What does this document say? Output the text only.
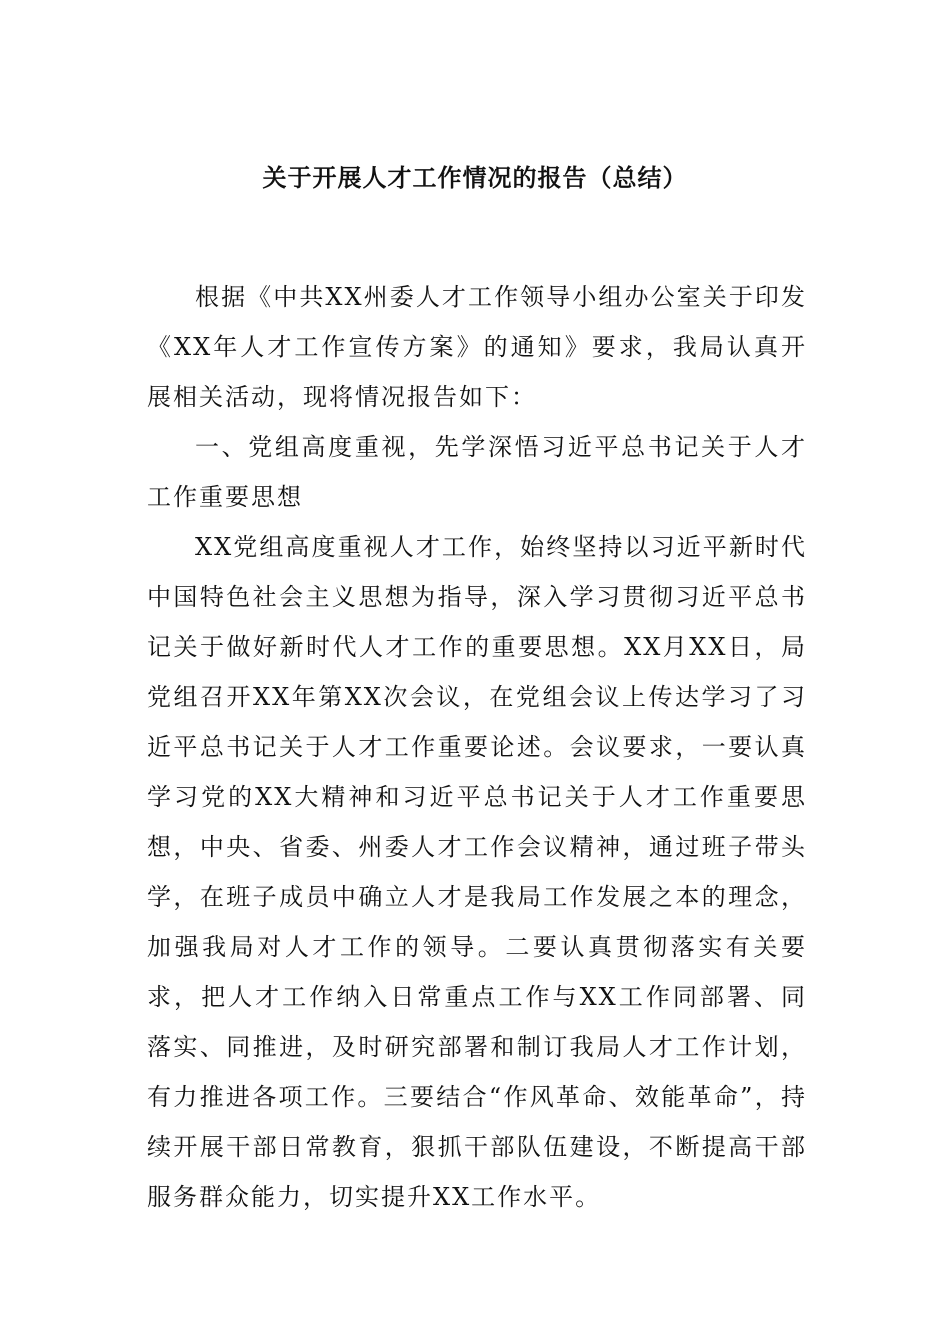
关于开展人才工作情况的报告（总结）

根据《中共XX州委人才工作领导小组办公室关于印发《XX年人才工作宣传方案》的通知》要求，我局认真开展相关活动，现将情况报告如下：

一、党组高度重视，先学深悟习近平总书记关于人才工作重要思想

XX党组高度重视人才工作，始终坚持以习近平新时代中国特色社会主义思想为指导，深入学习贯彻习近平总书记关于做好新时代人才工作的重要思想。XX月XX日，局党组召开XX年第XX次会议，在党组会议上传达学习了习近平总书记关于人才工作重要论述。会议要求，一要认真学习党的XX大精神和习近平总书记关于人才工作重要思想，中央、省委、州委人才工作会议精神，通过班子带头学，在班子成员中确立人才是我局工作发展之本的理念，加强我局对人才工作的领导。二要认真贯彻落实有关要求，把人才工作纳入日常重点工作与XX工作同部署、同落实、同推进，及时研究部署和制订我局人才工作计划，有力推进各项工作。三要结合“作风革命、效能革命”，持续开展干部日常教育，狠抓干部队伍建设，不断提高干部服务群众能力，切实提升XX工作水平。
